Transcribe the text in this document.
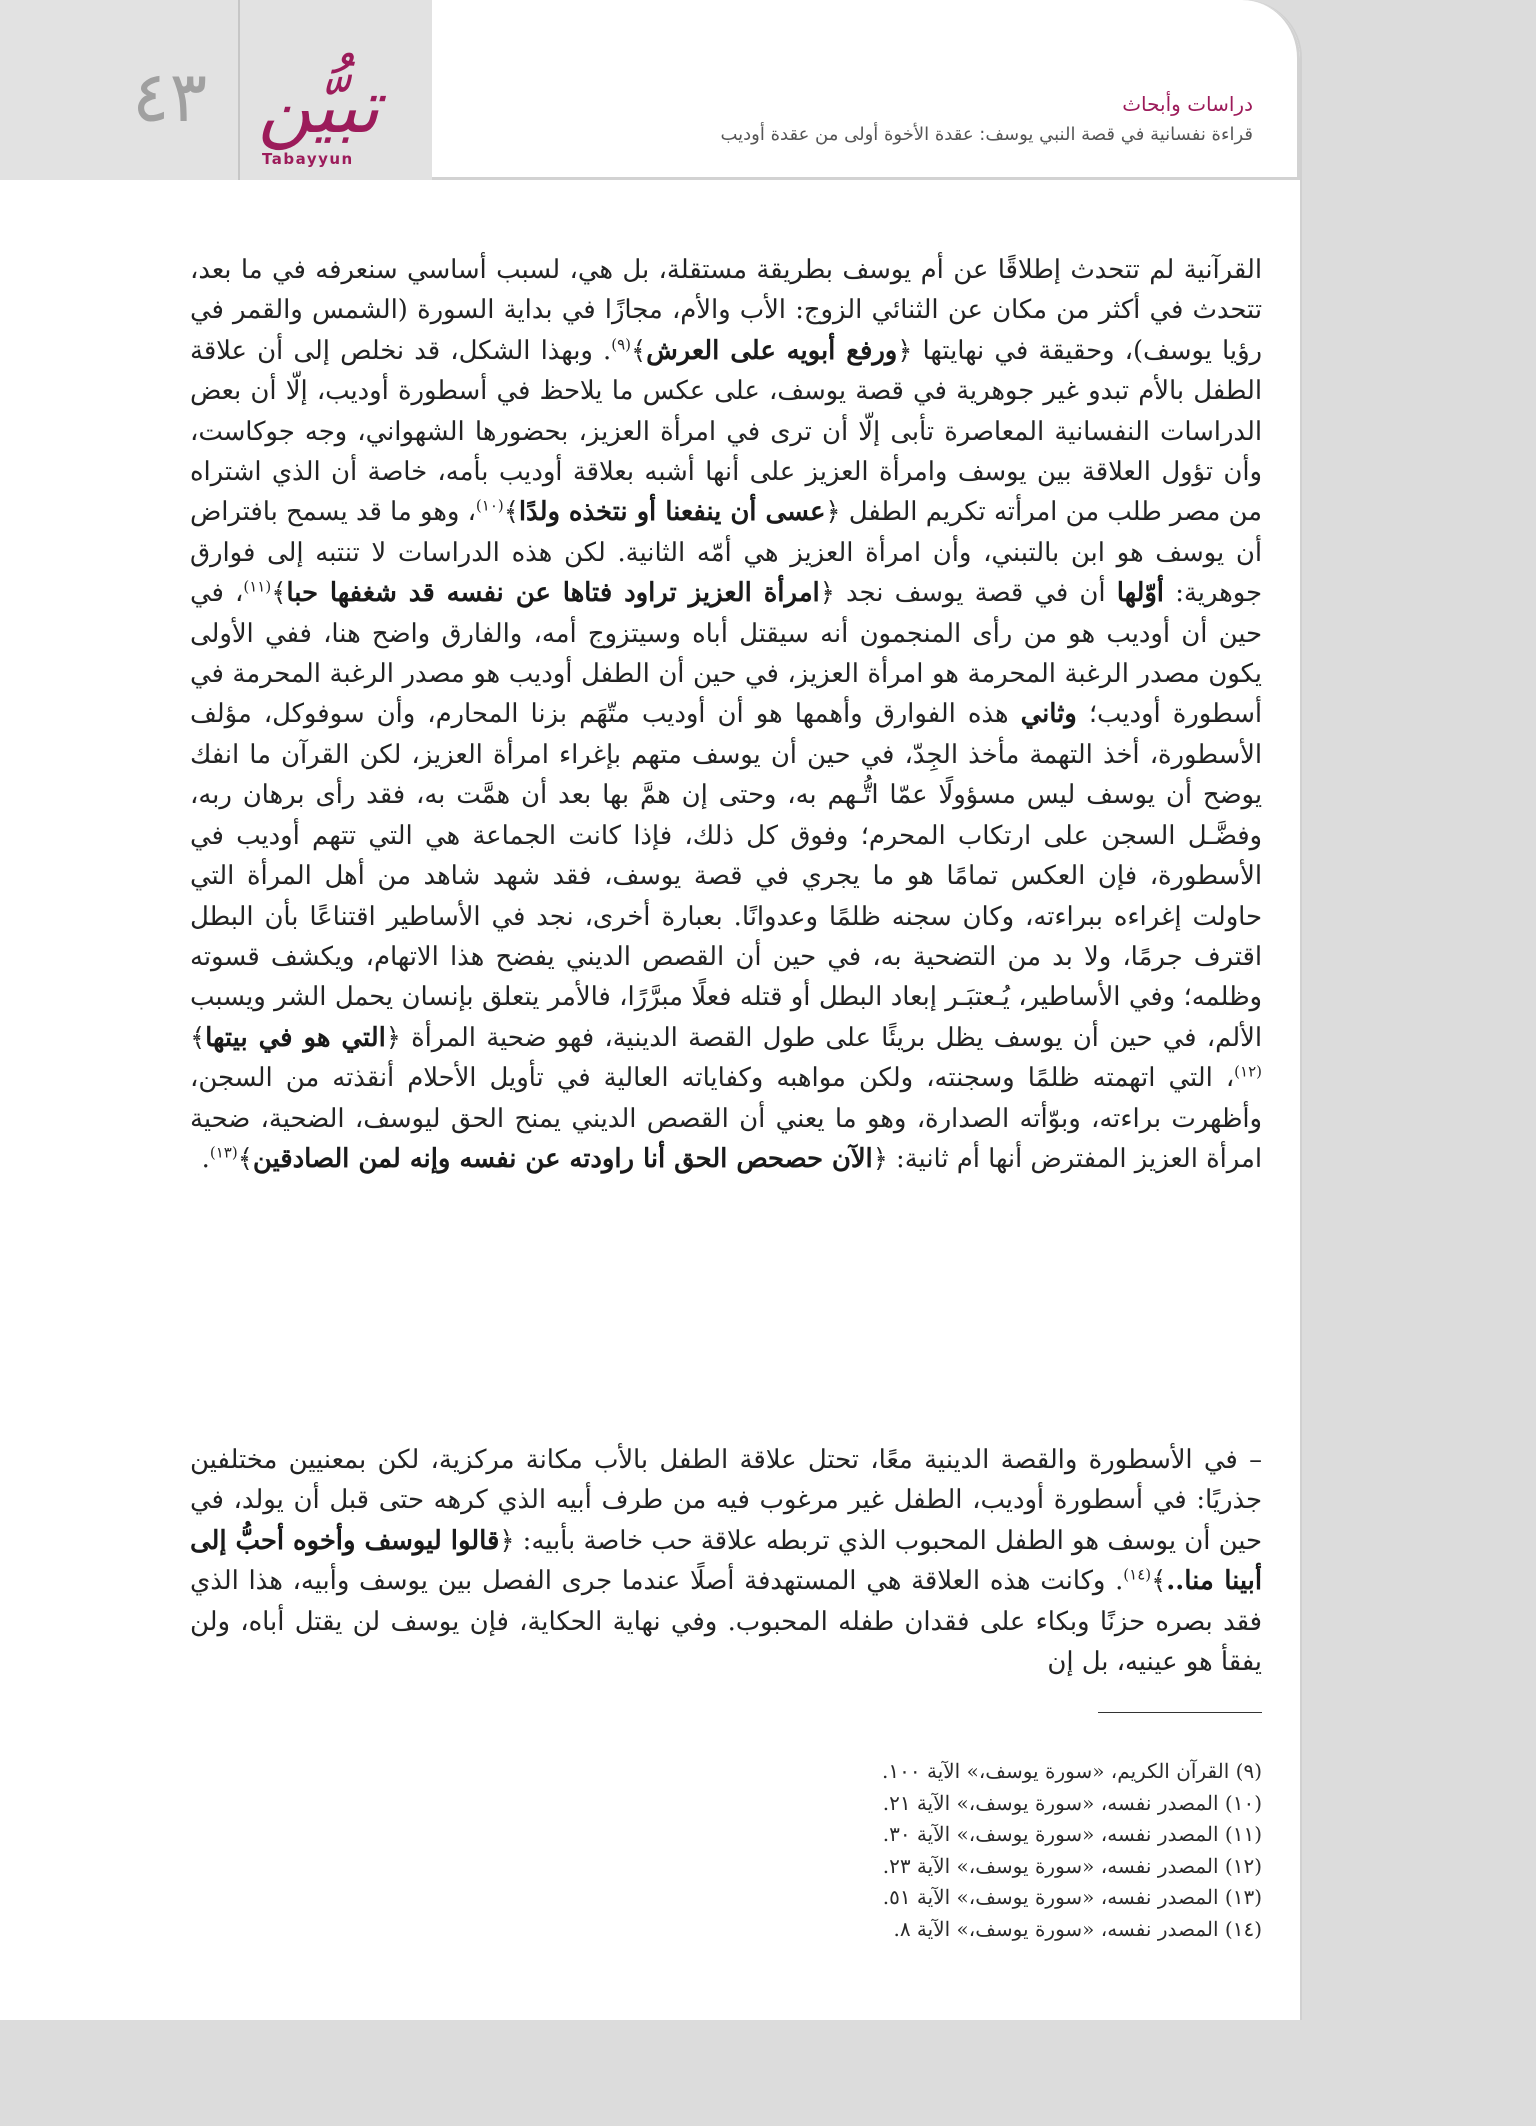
٤٣ تبيُّن
Tabayyun
دراسات وأبحاث
قراءة نفسانية في قصة النبي يوسف: عقدة الأخوة أولى من عقدة أوديب

القرآنية لم تتحدث إطلاقًا عن أم يوسف بطريقة مستقلة، بل هي، لسبب أساسي سنعرفه في ما بعد، تتحدث في أكثر من مكان عن الثنائي الزوج: الأب والأم، مجازًا في بداية السورة (الشمس والقمر في رؤيا يوسف)، وحقيقة في نهايتها ﴿ورفع أبويه على العرش﴾$^{(٩)}$. وبهذا الشكل، قد نخلص إلى أن علاقة الطفل بالأم تبدو غير جوهرية في قصة يوسف، على عكس ما يلاحظ في أسطورة أوديب، إلّا أن بعض الدراسات النفسانية المعاصرة تأبى إلّا أن ترى في امرأة العزيز، بحضورها الشهواني، وجه جوكاست، وأن تؤول العلاقة بين يوسف وامرأة العزيز على أنها أشبه بعلاقة أوديب بأمه، خاصة أن الذي اشتراه من مصر طلب من امرأته تكريم الطفل ﴿عسى أن ينفعنا أو نتخذه ولدًا﴾$^{(١٠)}$، وهو ما قد يسمح بافتراض أن يوسف هو ابن بالتبني، وأن امرأة العزيز هي أمّه الثانية. لكن هذه الدراسات لا تنتبه إلى فوارق جوهرية: أوّلها أن في قصة يوسف نجد ﴿امرأة العزيز تراود فتاها عن نفسه قد شغفها حبا﴾$^{(١١)}$، في حين أن أوديب هو من رأى المنجمون أنه سيقتل أباه وسيتزوج أمه، والفارق واضح هنا، ففي الأولى يكون مصدر الرغبة المحرمة هو امرأة العزيز، في حين أن الطفل أوديب هو مصدر الرغبة المحرمة في أسطورة أوديب؛ وثاني هذه الفوارق وأهمها هو أن أوديب متّهَم بزنا المحارم، وأن سوفوكل، مؤلف الأسطورة، أخذ التهمة مأخذ الجِدّ، في حين أن يوسف متهم بإغراء امرأة العزيز، لكن القرآن ما انفك يوضح أن يوسف ليس مسؤولًا عمّا اتُّـهم به، وحتى إن همَّ بها بعد أن همَّت به، فقد رأى برهان ربه، وفضَّـل السجن على ارتكاب المحرم؛ وفوق كل ذلك، فإذا كانت الجماعة هي التي تتهم أوديب في الأسطورة، فإن العكس تمامًا هو ما يجري في قصة يوسف، فقد شهد شاهد من أهل المرأة التي حاولت إغراءه ببراءته، وكان سجنه ظلمًا وعدوانًا. بعبارة أخرى، نجد في الأساطير اقتناعًا بأن البطل اقترف جرمًا، ولا بد من التضحية به، في حين أن القصص الديني يفضح هذا الاتهام، ويكشف قسوته وظلمه؛ وفي الأساطير، يُـعتبَـر إبعاد البطل أو قتله فعلًا مبرَّرًا، فالأمر يتعلق بإنسان يحمل الشر ويسبب الألم، في حين أن يوسف يظل بريئًا على طول القصة الدينية، فهو ضحية المرأة ﴿التي هو في بيتها﴾$^{(١٢)}$، التي اتهمته ظلمًا وسجنته، ولكن مواهبه وكفاياته العالية في تأويل الأحلام أنقذته من السجن، وأظهرت براءته، وبوّأته الصدارة، وهو ما يعني أن القصص الديني يمنح الحق ليوسف، الضحية، ضحية امرأة العزيز المفترض أنها أم ثانية: ﴿الآن حصحص الحق أنا راودته عن نفسه وإنه لمن الصادقين﴾$^{(١٣)}$.

– في الأسطورة والقصة الدينية معًا، تحتل علاقة الطفل بالأب مكانة مركزية، لكن بمعنيين مختلفين جذريًا: في أسطورة أوديب، الطفل غير مرغوب فيه من طرف أبيه الذي كرهه حتى قبل أن يولد، في حين أن يوسف هو الطفل المحبوب الذي تربطه علاقة حب خاصة بأبيه: ﴿قالوا ليوسف وأخوه أحبُّ إلى أبينا منا..﴾$^{(١٤)}$. وكانت هذه العلاقة هي المستهدفة أصلًا عندما جرى الفصل بين يوسف وأبيه، هذا الذي فقد بصره حزنًا وبكاء على فقدان طفله المحبوب. وفي نهاية الحكاية، فإن يوسف لن يقتل أباه، ولن يفقأ هو عينيه، بل إن

(٩) القرآن الكريم، «سورة يوسف،» الآية ١٠٠.
(١٠) المصدر نفسه، «سورة يوسف،» الآية ٢١.
(١١) المصدر نفسه، «سورة يوسف،» الآية ٣٠.
(١٢) المصدر نفسه، «سورة يوسف،» الآية ٢٣.
(١٣) المصدر نفسه، «سورة يوسف،» الآية ٥١.
(١٤) المصدر نفسه، «سورة يوسف،» الآية ٨.
